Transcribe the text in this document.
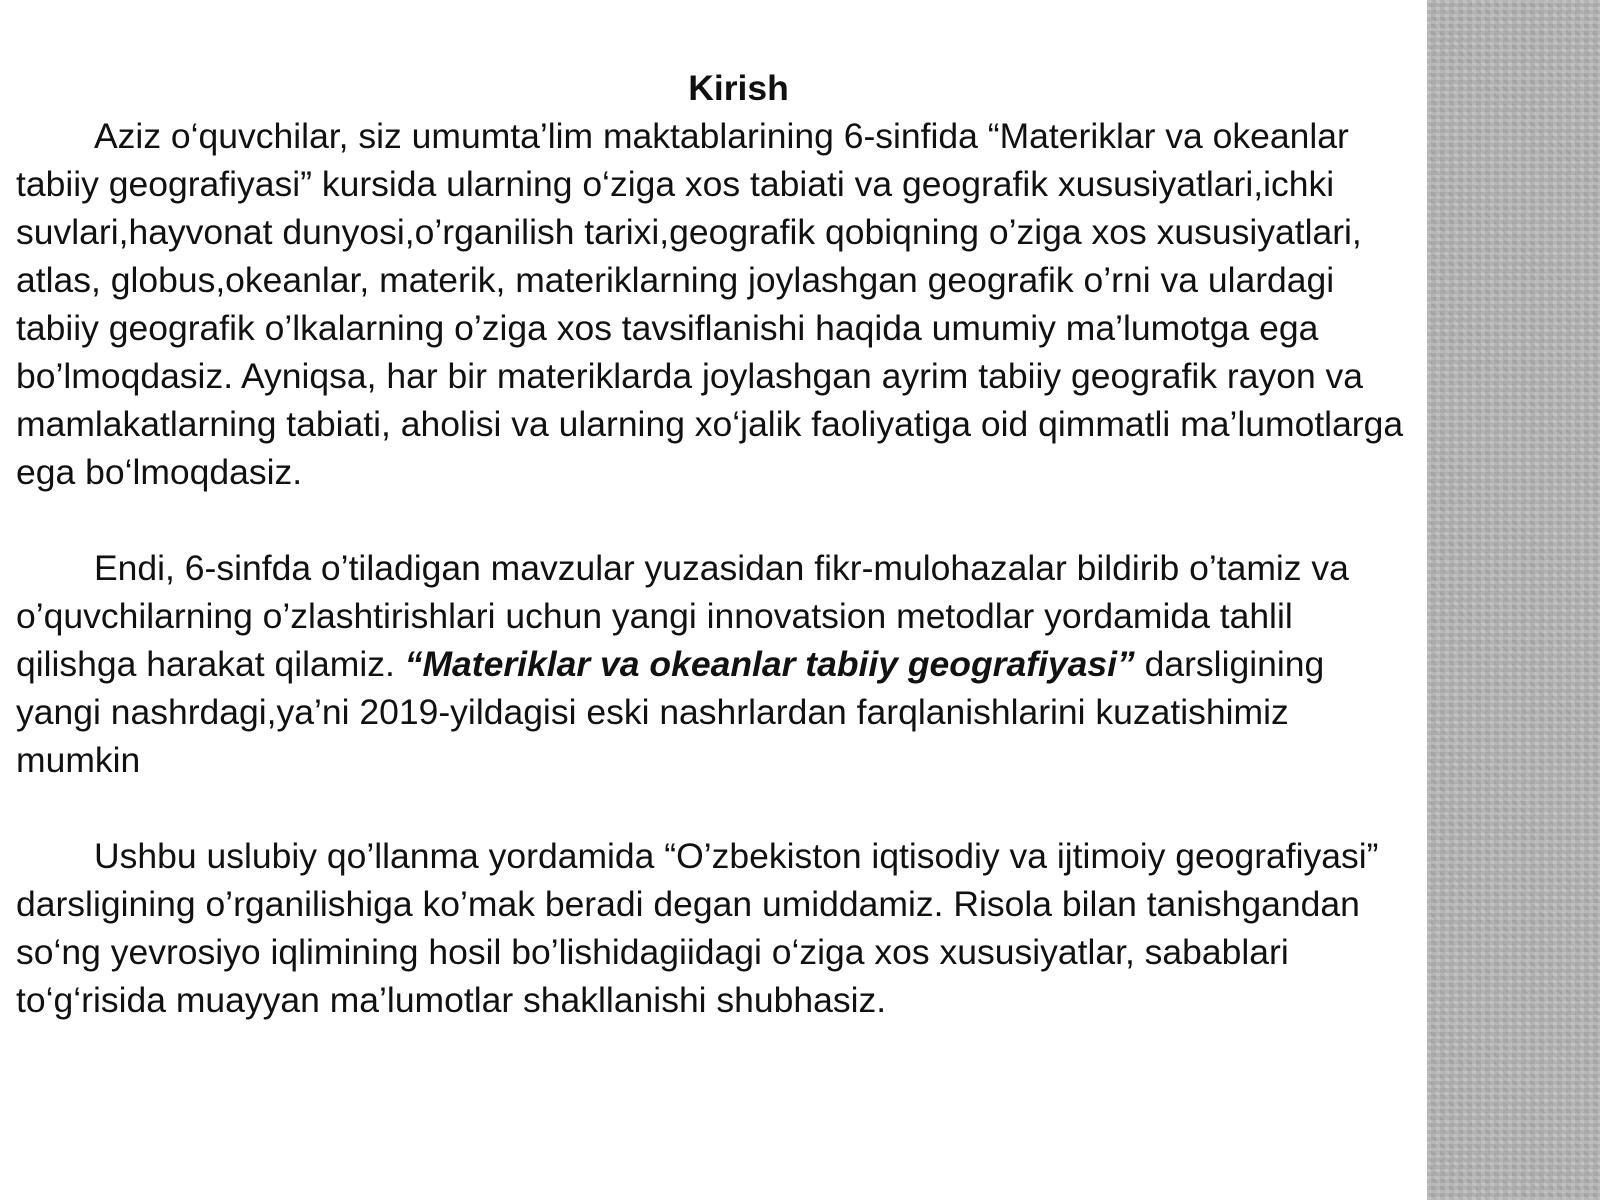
Kirish

Aziz o‘quvchilar, siz umumta’lim maktablarining 6-sinfida “Materiklar va okeanlar tabiiy geografiyasi” kursida ularning o‘ziga xos tabiati va geografik xususiyatlari,ichki suvlari,hayvonat dunyosi,o’rganilish tarixi,geografik qobiqning o’ziga xos xususiyatlari, atlas, globus,okeanlar, materik, materiklarning joylashgan geografik o’rni va ulardagi tabiiy geografik o’lkalarning o’ziga xos tavsiflanishi haqida umumiy ma’lumotga ega bo’lmoqdasiz. Ayniqsa, har bir materiklarda joylashgan ayrim tabiiy geografik rayon va mamlakatlarning tabiati, aholisi va ularning xo‘jalik faoliyatiga oid qimmatli ma’lumotlarga ega bo‘lmoqdasiz.

Endi, 6-sinfda o’tiladigan mavzular yuzasidan fikr-mulohazalar bildirib o’tamiz va o’quvchilarning o’zlashtirishlari uchun yangi innovatsion metodlar yordamida tahlil qilishga harakat qilamiz. “Materiklar va okeanlar tabiiy geografiyasi” darsligining yangi nashrdagi,ya’ni 2019-yildagisi eski nashrlardan farqlanishlarini kuzatishimiz mumkin

Ushbu uslubiy qo’llanma yordamida “O’zbekiston iqtisodiy va ijtimoiy geografiyasi” darsligining o’rganilishiga ko’mak beradi degan umiddamiz. Risola bilan tanishgandan so‘ng yevrosiyo iqlimining hosil bo’lishidagiidagi o‘ziga xos xususiyatlar, sabablari to‘g‘risida muayyan ma’lumotlar shakllanishi shubhasiz.
